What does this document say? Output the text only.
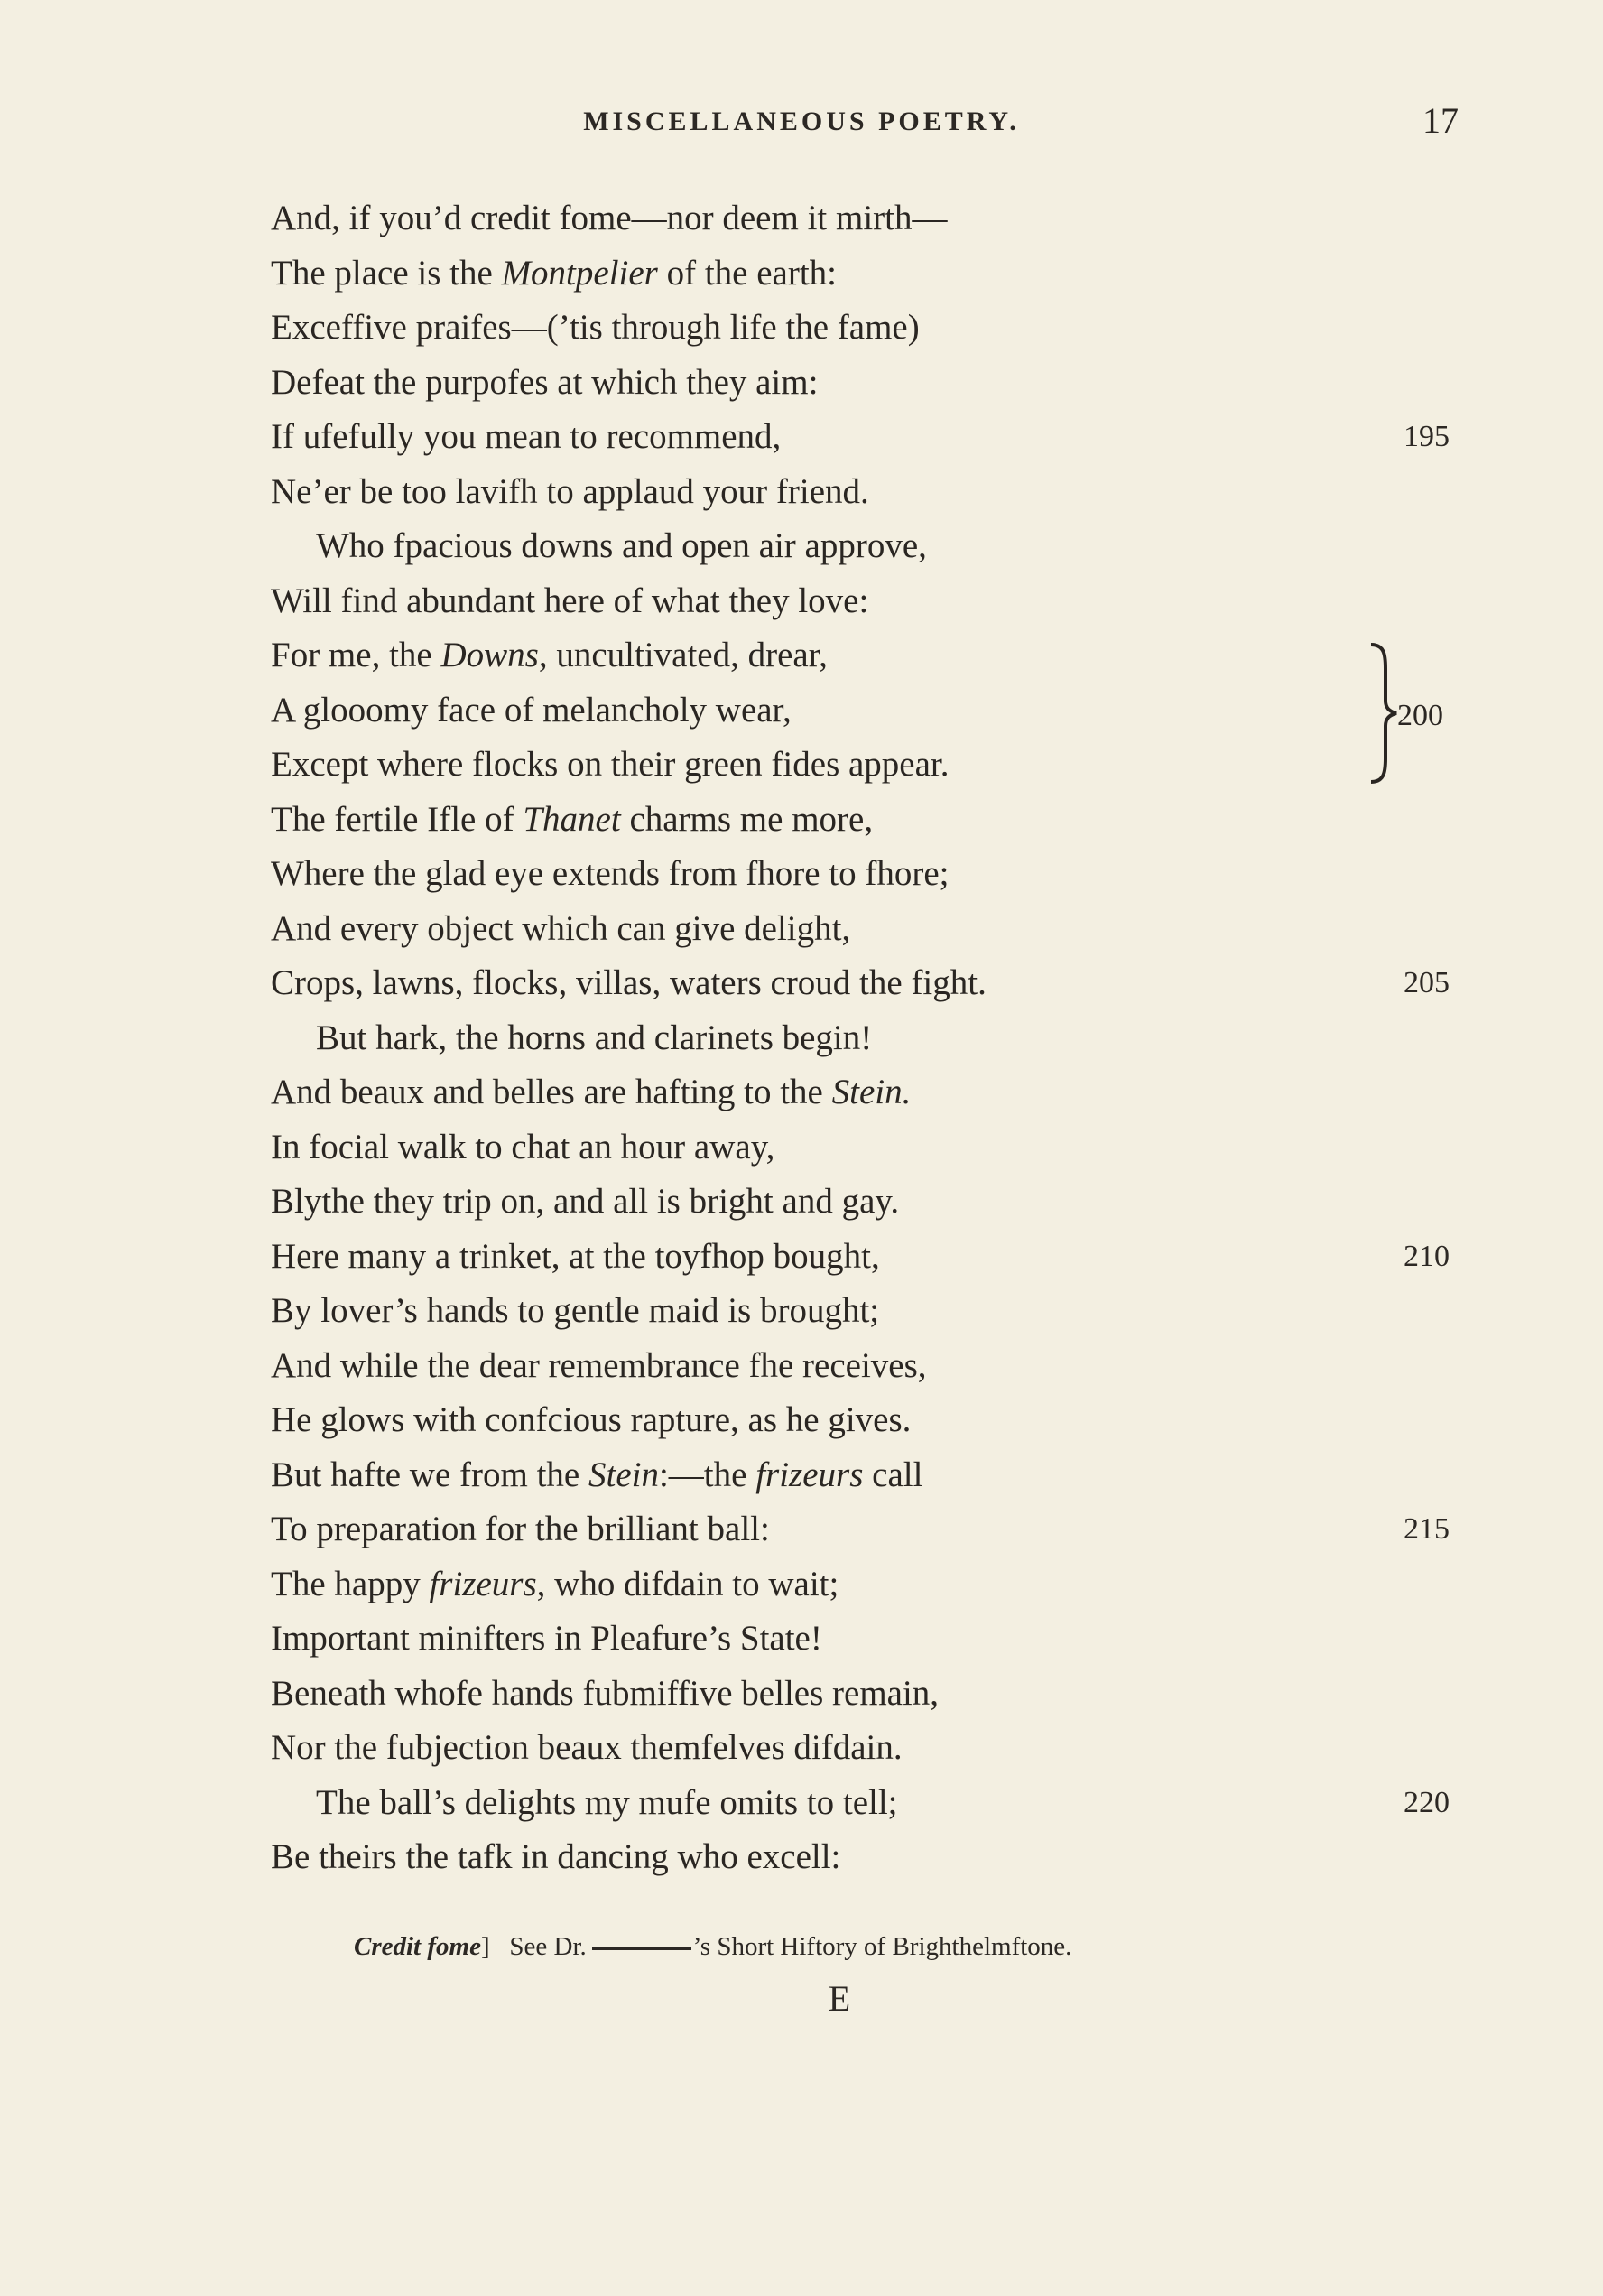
MISCELLANEOUS POETRY.	17
And, if you’d credit fome—nor deem it mirth—
The place is the Montpelier of the earth:
Exceffive praifes—(’tis through life the fame)
Defeat the purpofes at which they aim:
If ufefully you mean to recommend,	195
Ne’er be too lavifh to applaud your friend.
Who fpacious downs and open air approve,
Will find abundant here of what they love:
For me, the Downs, uncultivated, drear,
A glooomy face of melancholy wear,
Except where flocks on their green fides appear.
The fertile Ifle of Thanet charms me more,
Where the glad eye extends from fhore to fhore;
And every object which can give delight,
Crops, lawns, flocks, villas, waters croud the fight.	205
But hark, the horns and clarinets begin!
And beaux and belles are hafting to the Stein.
In focial walk to chat an hour away,
Blythe they trip on, and all is bright and gay.
Here many a trinket, at the toyfhop bought,	210
By lover’s hands to gentle maid is brought;
And while the dear remembrance fhe receives,
He glows with confcious rapture, as he gives.
But hafte we from the Stein:—the frizeurs call
To preparation for the brilliant ball:	215
The happy frizeurs, who difdain to wait;
Important minifters in Pleafure’s State!
Beneath whofe hands fubmiffive belles remain,
Nor the fubjection beaux themfelves difdain.
The ball’s delights my mufe omits to tell;	220
Be theirs the tafk in dancing who excell:
200
Credit fome] See Dr.	’s Short Hiftory of Brighthelmftone.
E
